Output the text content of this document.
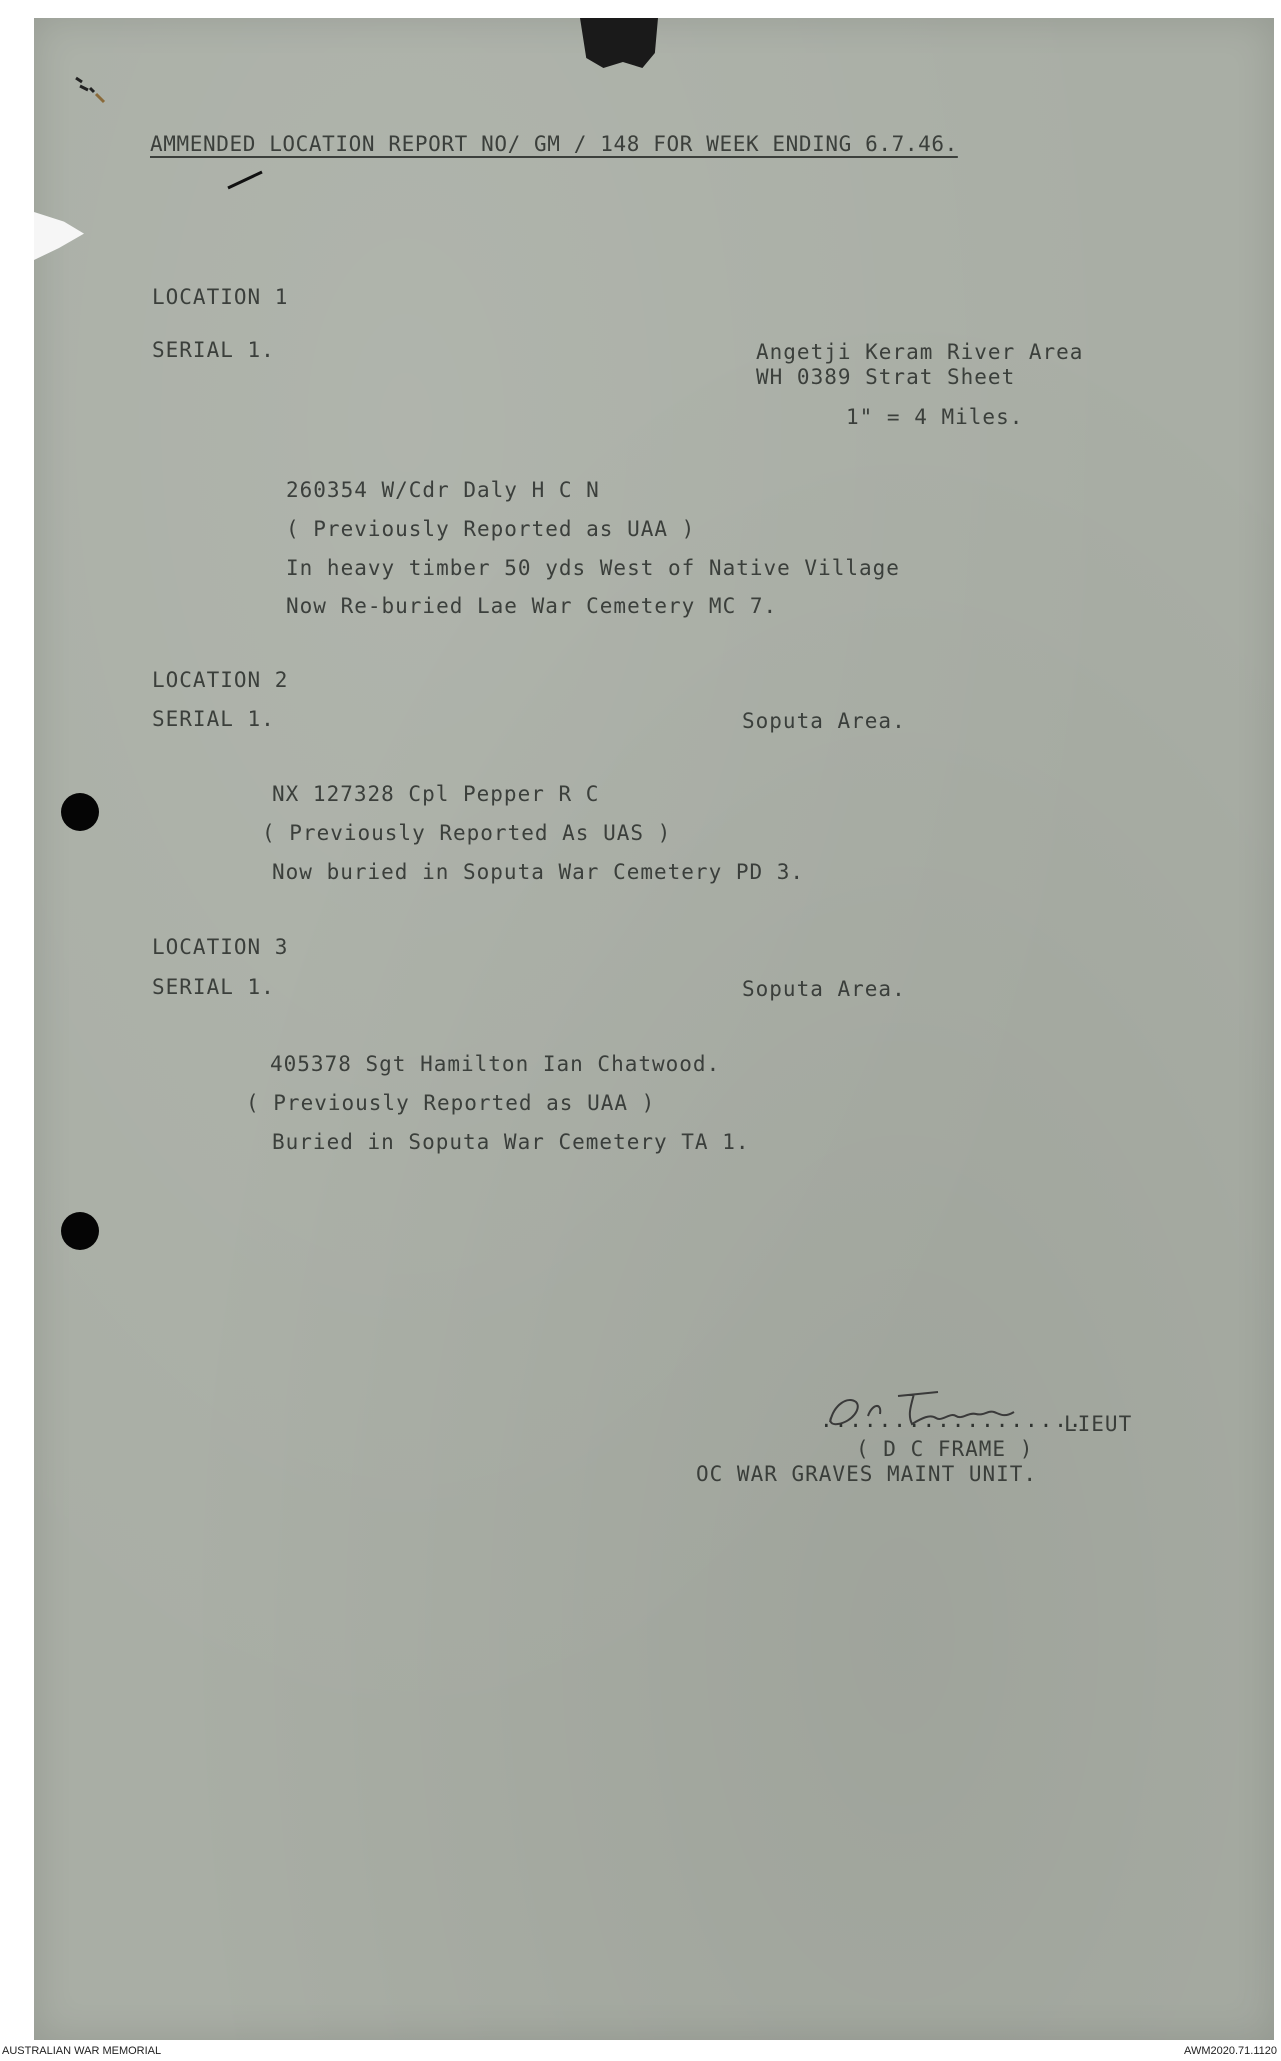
AMMENDED LOCATION REPORT NO/ GM / 148 FOR WEEK ENDING 6.7.46.
LOCATION 1
SERIAL 1.	Angetji Keram River Area
WH 0389 Strat Sheet
1" = 4 Miles.
260354 W/Cdr Daly H C N
( Previously Reported as UAA )
In heavy timber 50 yds West of Native Village
Now Re-buried Lae War Cemetery MC 7.
LOCATION 2
SERIAL 1.	Soputa Area.
NX 127328 Cpl Pepper R C
( Previously Reported As UAS )
Now buried in Soputa War Cemetery PD 3.
LOCATION 3
SERIAL 1.	Soputa Area.
405378 Sgt Hamilton Ian Chatwood.
( Previously Reported as UAA )
Buried in Soputa War Cemetery TA 1.
..................
LIEUT
( D C FRAME )
OC WAR GRAVES MAINT UNIT.
AUSTRALIAN WAR MEMORIAL	AWM2020.71.1120
